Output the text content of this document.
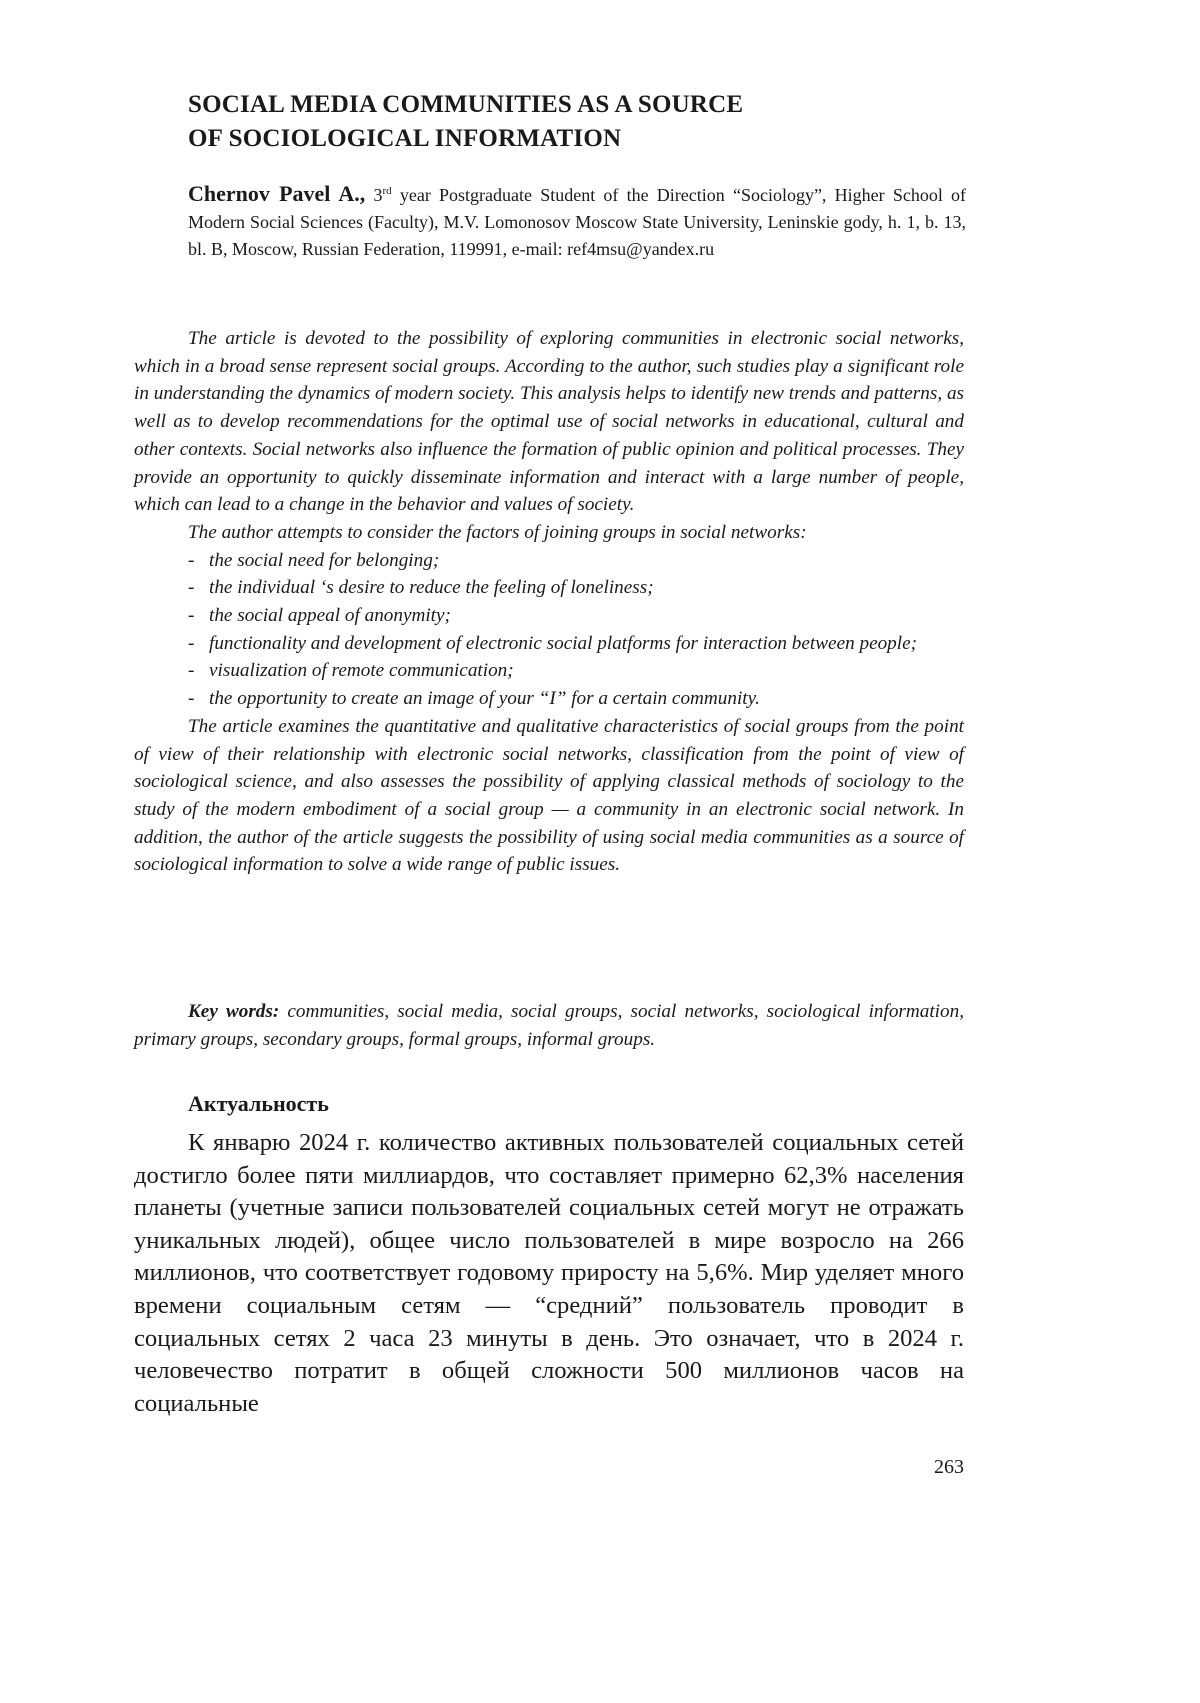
SOCIAL MEDIA COMMUNITIES AS A SOURCE
OF SOCIOLOGICAL INFORMATION
Chernov Pavel A., 3rd year Postgraduate Student of the Direction “Sociology”, Higher School of Modern Social Sciences (Faculty), M.V. Lomonosov Moscow State University, Leninskie gody, h. 1, b. 13, bl. B, Moscow, Russian Federation, 119991, e-mail: ref4msu@yandex.ru

The article is devoted to the possibility of exploring communities in electronic social networks, which in a broad sense represent social groups. According to the author, such studies play a significant role in understanding the dynamics of modern society. This analysis helps to identify new trends and patterns, as well as to develop recommendations for the optimal use of social networks in educational, cultural and other contexts. Social networks also influence the formation of public opinion and political processes. They provide an opportunity to quickly disseminate information and interact with a large number of people, which can lead to a change in the behavior and values of society.

The author attempts to consider the factors of joining groups in social networks:

- the social need for belonging;
- the individual ‘s desire to reduce the feeling of loneliness;
- the social appeal of anonymity;
- functionality and development of electronic social platforms for interaction between people;
- visualization of remote communication;
- the opportunity to create an image of your “I” for a certain community.

The article examines the quantitative and qualitative characteristics of social groups from the point of view of their relationship with electronic social networks, classification from the point of view of sociological science, and also assesses the possibility of applying classical methods of sociology to the study of the modern embodiment of a social group — a community in an electronic social network. In addition, the author of the article suggests the possibility of using social media communities as a source of sociological information to solve a wide range of public issues.

Key words: communities, social media, social groups, social networks, sociological information, primary groups, secondary groups, formal groups, informal groups.

Актуальность

К январю 2024 г. количество активных пользователей социальных сетей достигло более пяти миллиардов, что составляет примерно 62,3% населения планеты (учетные записи пользователей социальных сетей могут не отражать уникальных людей), общее число пользователей в мире возросло на 266 миллионов, что соответствует годовому приросту на 5,6%. Мир уделяет много времени социальным сетям — “средний” пользователь проводит в социальных сетях 2 часа 23 минуты в день. Это означает, что в 2024 г. человечество потратит в общей сложности 500 миллионов часов на социальные

263
